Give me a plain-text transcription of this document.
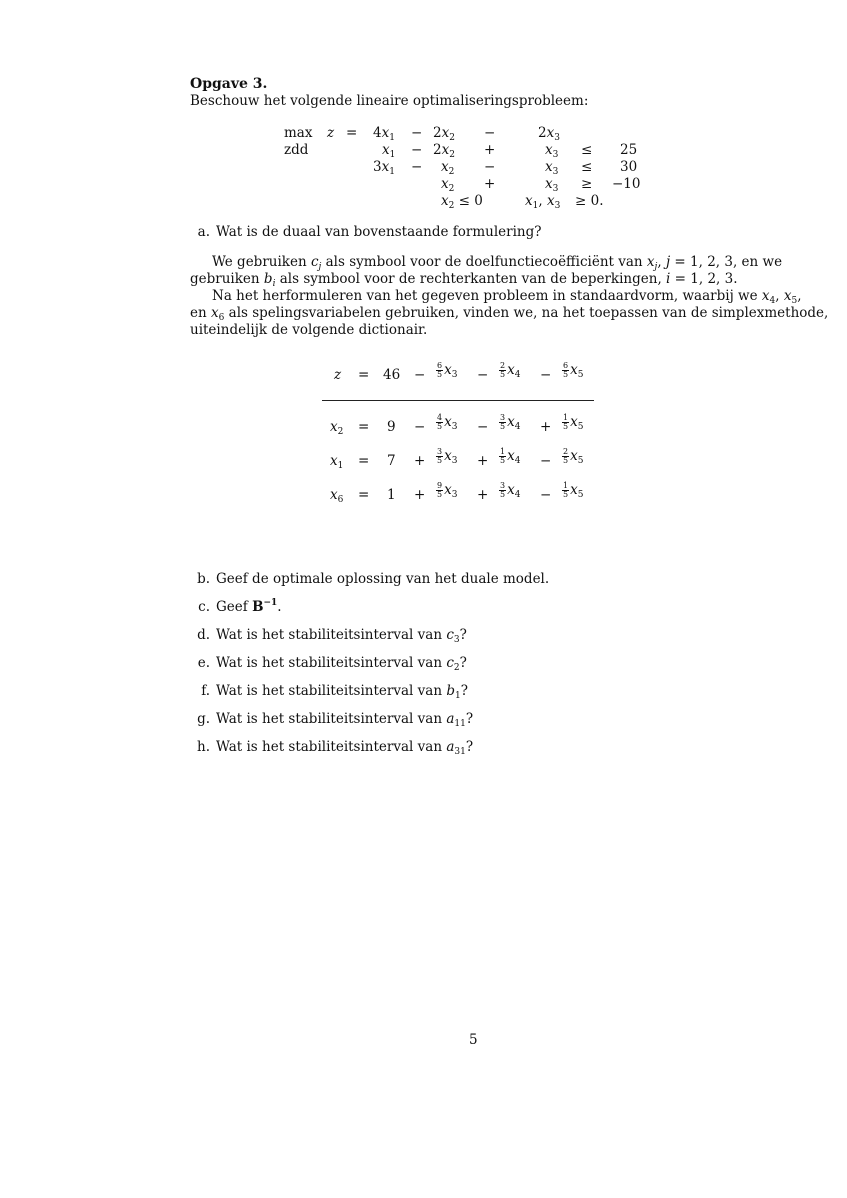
Opgave 3.
Beschouw het volgende lineaire optimaliseringsprobleem:
$\max z = 4x_1 - 2x_2$ −	$2x_3$
zdd	$x_1 - 2x_2$ +	$x_3 \le 25$
$3x_1 - x_2$ −	$x_3 \le 30$
$x_2$ +	$x_3 \ge -10$
$x_2 \le 0$	$x_1$, $x_3 \ge 0$.
a. Wat is de duaal van bovenstaande formulering?
We gebruiken $c_j$ als symbool voor de doelfunctiecoëfficiënt van $x_j$, j = 1, 2, 3, en we
gebruiken $b_i$ als symbool voor de rechterkanten van de beperkingen, i = 1, 2, 3.
Na het herformuleren van het gegeven probleem in standaardvorm, waarbij we $x_4$, $x_5$,
en $x_6$ als spelingsvariabelen gebruiken, vinden we, na het toepassen van de simplexmethode,
uiteindelijk de volgende dictionair.
$z = 46 - \frac{6}{5} x_3 - \frac{2}{5} x_4 - \frac{6}{5} x_5$
$x_2 = 9 - \frac{4}{5} x_3 - \frac{3}{5} x_4 + \frac{1}{5} x_5$
$x_1 = 7 + \frac{3}{5} x_3 + \frac{1}{5} x_4 - \frac{2}{5} x_5$
$x_6 = 1 + \frac{9}{5} x_3 + \frac{3}{5} x_4 - \frac{1}{5} x_5$
b. Geef de optimale oplossing van het duale model.
c. Geef $B^{-1}$.
d. Wat is het stabiliteitsinterval van $c_3$?
e. Wat is het stabiliteitsinterval van $c_2$?
f. Wat is het stabiliteitsinterval van $b_1$?
g. Wat is het stabiliteitsinterval van $a_{11}$?
h. Wat is het stabiliteitsinterval van $a_{31}$?
5
